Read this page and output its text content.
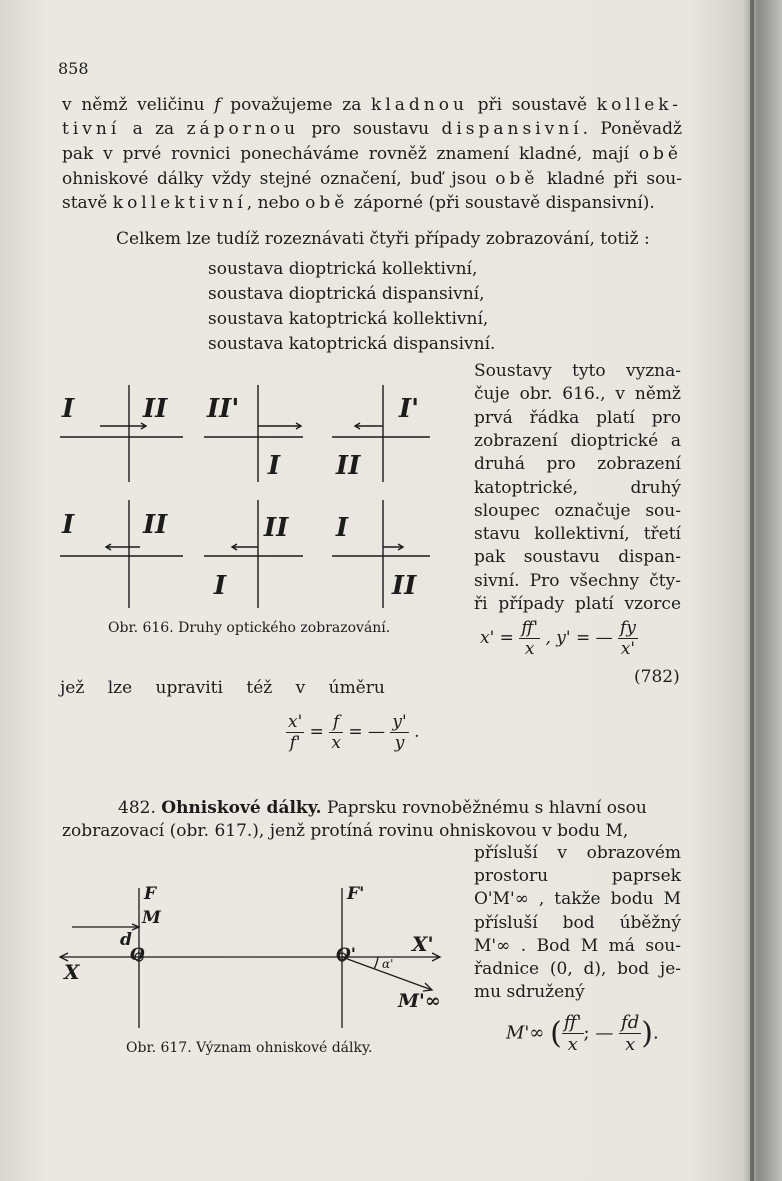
858
v němž veličinu f považujeme za kladnou při soustavě kollek-
tivní a za zápornou pro soustavu dispansivní. Poněvadž
pak v prvé rovnici ponecháváme rovněž znamení kladné, mají obě
ohniskové dálky vždy stejné označení, buď jsou obě kladné při sou-
stavě kollektivní, nebo obě záporné (při soustavě dispansivní).
Celkem lze tudíž rozeznávati čtyři případy zobrazování, totiž :
soustava dioptrická kollektivní,
soustava dioptrická dispansivní,
soustava katoptrická kollektivní,
soustava katoptrická dispansivní.
Soustavy tyto vyzna-
čuje obr. 616., v němž
prvá řádka platí pro
zobrazení dioptrické a
druhá pro zobrazení
katoptrické, druhý
sloupec označuje sou-
stavu kollektivní, třetí
pak soustavu dispan-
sivní. Pro všechny čty-
ři případy platí vzorce
I	II II'	I'
I	II
I II
II I
I	II
Obr. 616. Druhy optického zobrazování.	$x' = \frac{ff'}{x}$ , y' = — $\frac{fy}{x'}$
(782)
jež lze upraviti též v úměru
$\frac{x'}{f'} = \frac{f}{x}$ = — $\frac{y'}{y}$ .
482. Ohniskové dálky. Paprsku rovnoběžnému s hlavní osou
zobrazovací (obr. 617.), jenž protíná rovinu ohniskovou v bodu M,
přísluší v obrazovém
prostoru paprsek
O'M'∞ , takže bodu M
přísluší bod úběžný
M'∞ . Bod M má sou-
řadnice (0, d), bod je-
mu sdružený
F
M
d
O
X
F'
O'	X'
α'
M'∞
Obr. 617. Význam ohniskové dálky.
M'∞ ( $\frac{ff'}{x}$ ; — $\frac{fd}{x}$ ).
